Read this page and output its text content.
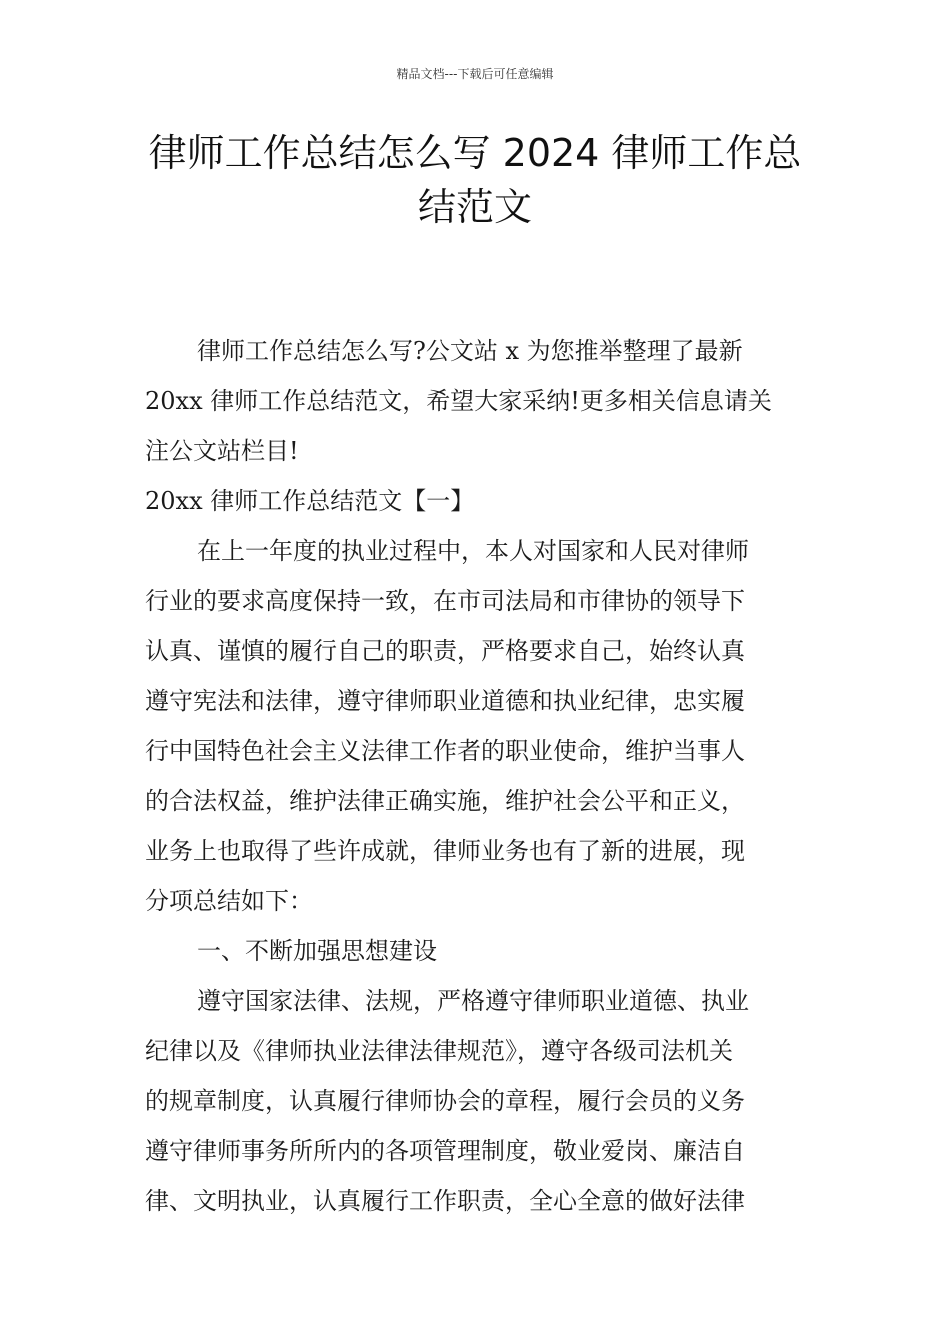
精品文档---下载后可任意编辑
律师工作总结怎么写 2024 律师工作总
结范文
律师工作总结怎么写?公文站 x 为您推举整理了最新
20xx 律师工作总结范文，希望大家采纳!更多相关信息请关
注公文站栏目!
20xx 律师工作总结范文【一】
在上一年度的执业过程中，本人对国家和人民对律师
行业的要求高度保持一致，在市司法局和市律协的领导下
认真、谨慎的履行自己的职责，严格要求自己，始终认真
遵守宪法和法律，遵守律师职业道德和执业纪律，忠实履
行中国特色社会主义法律工作者的职业使命，维护当事人
的合法权益，维护法律正确实施，维护社会公平和正义，
业务上也取得了些许成就，律师业务也有了新的进展，现
分项总结如下：
一、不断加强思想建设
遵守国家法律、法规，严格遵守律师职业道德、执业
纪律以及《律师执业法律法律规范》，遵守各级司法机关
的规章制度，认真履行律师协会的章程，履行会员的义务
遵守律师事务所所内的各项管理制度，敬业爱岗、廉洁自
律、文明执业，认真履行工作职责，全心全意的做好法律
